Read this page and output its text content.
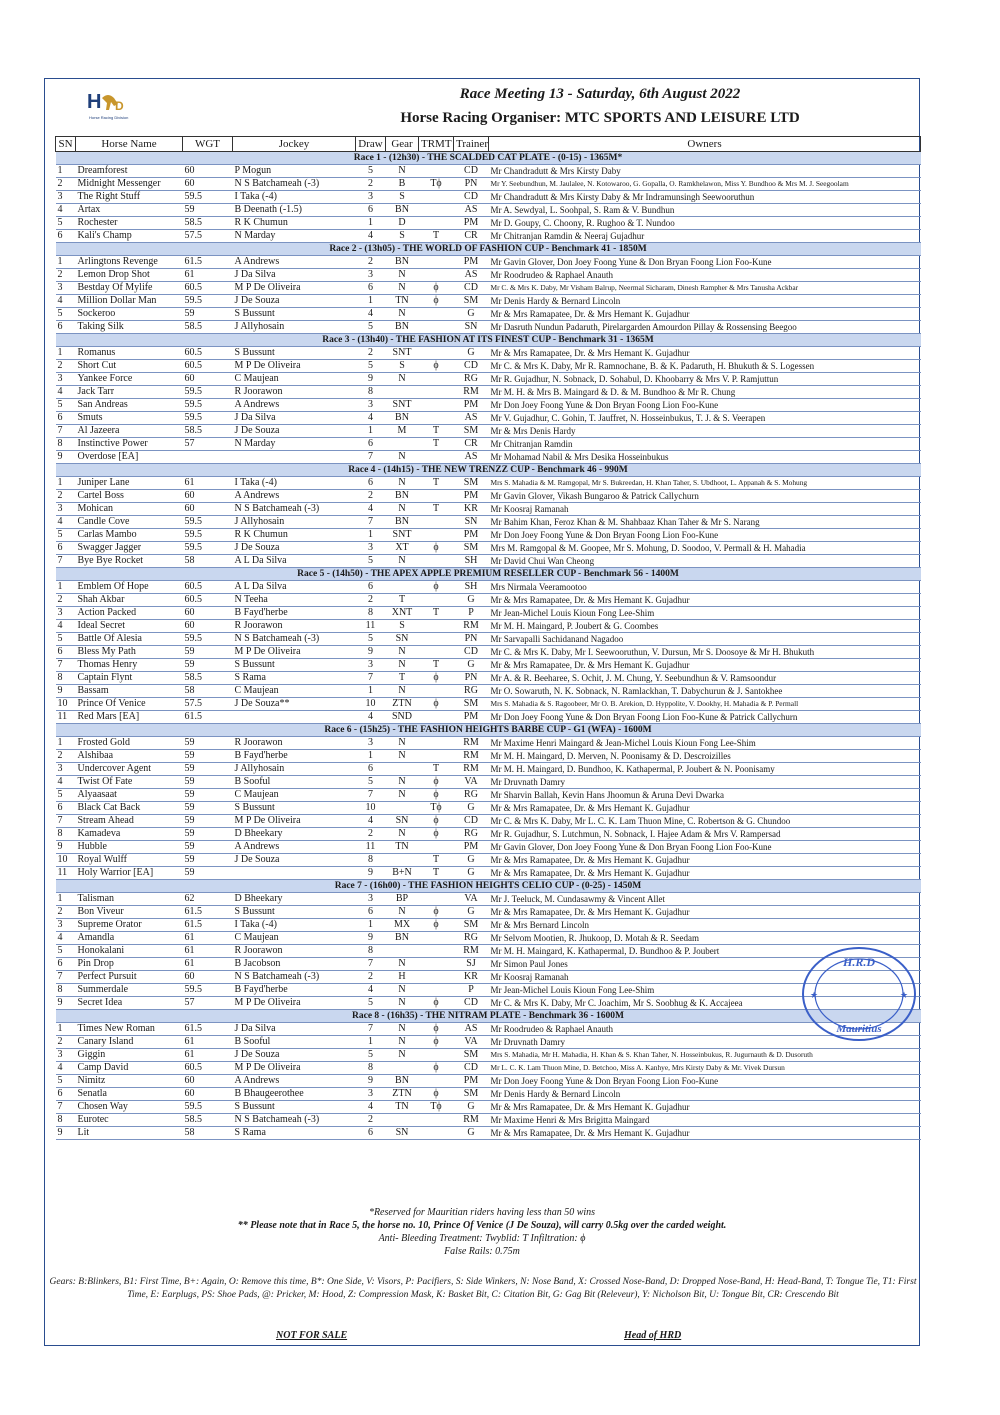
H D
Horse Racing Division
Race Meeting 13 - Saturday, 6th August 2022
Horse Racing Organiser: MTC SPORTS AND LEISURE LTD
SN	Horse Name	WGT	Jockey	Draw	Gear	TRMT	Trainer	Owners
Race 1 - (12h30) - THE SCALDED CAT PLATE - (0-15) - 1365M*								
1	Dreamforest	60	P Mogun	5	N		CD	Mr Chandradutt & Mrs Kirsty Daby
2	Midnight Messenger	60	N S Batchameah (-3)	2	B	Ƭϕ	PN	Mr Y. Seebundhun, M. Jaulalee, N. Kotowaroo, G. Gopalla, O. Ramkhelawon, Miss Y. Bundhoo & Mrs M. J. Seegoolam
3	The Right Stuff	59.5	I Taka (-4)	3	S		CD	Mr Chandradutt & Mrs Kirsty Daby & Mr Indramunsingh Seewooruthun
4	Artax	59	B Deenath (-1.5)	6	BN		AS	Mr A. Sewdyal, L. Soohpal, S. Ram & V. Bundhun
5	Rochester	58.5	R K Chumun	1	D		PM	Mr D. Goupy, C. Choony, R. Rughoo & T. Nundoo
6	Kali's Champ	57.5	N Marday	4	S	Ƭ	CR	Mr Chitranjan Ramdin & Neeraj Gujadhur
Race 2 - (13h05) - THE WORLD OF FASHION CUP - Benchmark 41 - 1850M								
1	Arlingtons Revenge	61.5	A Andrews	2	BN		PM	Mr Gavin Glover, Don Joey Foong Yune & Don Bryan Foong Lion Foo-Kune
2	Lemon Drop Shot	61	J Da Silva	3	N		AS	Mr Roodrudeo & Raphael Anauth
3	Bestday Of Mylife	60.5	M P De Oliveira	6	N	ϕ	CD	Mr C. & Mrs K. Daby, Mr Visham Balrup, Neermal Sicharam, Dinesh Rampher & Mrs Tanusha Ackbar
4	Million Dollar Man	59.5	J De Souza	1	TN	ϕ	SM	Mr Denis Hardy & Bernard Lincoln
5	Sockeroo	59	S Bussunt	4	N		G	Mr & Mrs Ramapatee, Dr. & Mrs Hemant K. Gujadhur
6	Taking Silk	58.5	J Allyhosain	5	BN		SN	Mr Dasruth Nundun Padaruth, Pirelargarden Amourdon Pillay & Rossensing Beegoo
Race 3 - (13h40) - THE FASHION AT ITS FINEST CUP - Benchmark 31 - 1365M								
1	Romanus	60.5	S Bussunt	2	SNT		G	Mr & Mrs Ramapatee, Dr. & Mrs Hemant K. Gujadhur
2	Short Cut	60.5	M P De Oliveira	5	S	ϕ	CD	Mr C. & Mrs K. Daby, Mr R. Ramnochane, B. & K. Padaruth, H. Bhukuth & S. Logessen
3	Yankee Force	60	C Maujean	9	N		RG	Mr R. Gujadhur, N. Sobnack, D. Sohabul, D. Khoobarry & Mrs V. P. Ramjuttun
4	Jack Tarr	59.5	R Joorawon	8			RM	Mr M. H. & Mrs B. Maingard & D. & M. Bundhoo & Mr R. Chung
5	San Andreas	59.5	A Andrews	3	SNT		PM	Mr Don Joey Foong Yune & Don Bryan Foong Lion Foo-Kune
6	Smuts	59.5	J Da Silva	4	BN		AS	Mr V. Gujadhur, C. Gohin, T. Jauffret, N. Hosseinbukus, T. J. & S. Veerapen
7	Al Jazeera	58.5	J De Souza	1	M	Ƭ	SM	Mr & Mrs Denis Hardy
8	Instinctive Power	57	N Marday	6		Ƭ	CR	Mr Chitranjan Ramdin
9	Overdose [EA]			7	N		AS	Mr Mohamad Nabil & Mrs Desika Hosseinbukus
Race 4 - (14h15) - THE NEW TRENZZ CUP - Benchmark 46 - 990M								
1	Juniper Lane	61	I Taka (-4)	6	N	Ƭ	SM	Mrs S. Mahadia & M. Ramgopal, Mr S. Bukreedan, H. Khan Taher, S. Ubdhoot, L. Appanah & S. Mohung
2	Cartel Boss	60	A Andrews	2	BN		PM	Mr Gavin Glover, Vikash Bungaroo & Patrick Callychurn
3	Mohican	60	N S Batchameah (-3)	4	N	Ƭ	KR	Mr Koosraj Ramanah
4	Candle Cove	59.5	J Allyhosain	7	BN		SN	Mr Bahim Khan, Feroz Khan & M. Shahbaaz Khan Taher & Mr S. Narang
5	Carlas Mambo	59.5	R K Chumun	1	SNT		PM	Mr Don Joey Foong Yune & Don Bryan Foong Lion Foo-Kune
6	Swagger Jagger	59.5	J De Souza	3	XT	ϕ	SM	Mrs M. Ramgopal & M. Goopee, Mr S. Mohung, D. Soodoo, V. Permall & H. Mahadia
7	Bye Bye Rocket	58	A L Da Silva	5	N		SH	Mr David Chui Wan Cheong
Race 5 - (14h50) - THE APEX APPLE PREMIUM RESELLER CUP - Benchmark 56 - 1400M								
1	Emblem Of Hope	60.5	A L Da Silva	6		ϕ	SH	Mrs Nirmala Veeramootoo
2	Shah Akbar	60.5	N Teeha	2	T		G	Mr & Mrs Ramapatee, Dr. & Mrs Hemant K. Gujadhur
3	Action Packed	60	B Fayd'herbe	8	XNT	Ƭ	P	Mr Jean-Michel Louis Kioun Fong Lee-Shim
4	Ideal Secret	60	R Joorawon	11	S		RM	Mr M. H. Maingard, P. Joubert & G. Coombes
5	Battle Of Alesia	59.5	N S Batchameah (-3)	5	SN		PN	Mr Sarvapalli Sachidanand Nagadoo
6	Bless My Path	59	M P De Oliveira	9	N		CD	Mr C. & Mrs K. Daby, Mr I. Seewooruthun, V. Dursun, Mr S. Doosoye & Mr H. Bhukuth
7	Thomas Henry	59	S Bussunt	3	N	Ƭ	G	Mr & Mrs Ramapatee, Dr. & Mrs Hemant K. Gujadhur
8	Captain Flynt	58.5	S Rama	7	T	ϕ	PN	Mr A. & R. Beeharee, S. Ochit, J. M. Chung, Y. Seebundhun & V. Ramsoondur
9	Bassam	58	C Maujean	1	N		RG	Mr O. Sowaruth, N. K. Sobnack, N. Ramlackhan, T. Dabychurun & J. Santokhee
10	Prince Of Venice	57.5	J De Souza**	10	ZTN	ϕ	SM	Mrs S. Mahadia & S. Ragoobeer, Mr O. B. Arekion, D. Hyppolite, V. Dookhy, H. Mahadia & P. Permall
11	Red Mars [EA]	61.5		4	SND		PM	Mr Don Joey Foong Yune & Don Bryan Foong Lion Foo-Kune & Patrick Callychurn
Race 6 - (15h25) - THE FASHION HEIGHTS BARBE CUP - G1 (WFA) - 1600M								
1	Frosted Gold	59	R Joorawon	3	N		RM	Mr Maxime Henri Maingard & Jean-Michel Louis Kioun Fong Lee-Shim
2	Alshibaa	59	B Fayd'herbe	1	N		RM	Mr M. H. Maingard, D. Merven, N. Poonisamy & D. Descroizilles
3	Undercover Agent	59	J Allyhosain	6		Ƭ	RM	Mr M. H. Maingard, D. Bundhoo, K. Kathapermal, P. Joubert & N. Poonisamy
4	Twist Of Fate	59	B Sooful	5	N	ϕ	VA	Mr Druvnath Damry
5	Alyaasaat	59	C Maujean	7	N	ϕ	RG	Mr Sharvin Ballah, Kevin Hans Jhoomun & Aruna Devi Dwarka
6	Black Cat Back	59	S Bussunt	10		Ƭϕ	G	Mr & Mrs Ramapatee, Dr. & Mrs Hemant K. Gujadhur
7	Stream Ahead	59	M P De Oliveira	4	SN	ϕ	CD	Mr C. & Mrs K. Daby, Mr L. C. K. Lam Thuon Mine, C. Robertson & G. Chundoo
8	Kamadeva	59	D Bheekary	2	N	ϕ	RG	Mr R. Gujadhur, S. Lutchmun, N. Sobnack, I. Hajee Adam & Mrs V. Rampersad
9	Hubble	59	A Andrews	11	TN		PM	Mr Gavin Glover, Don Joey Foong Yune & Don Bryan Foong Lion Foo-Kune
10	Royal Wulff	59	J De Souza	8		Ƭ	G	Mr & Mrs Ramapatee, Dr. & Mrs Hemant K. Gujadhur
11	Holy Warrior [EA]	59		9	B+N	Ƭ	G	Mr & Mrs Ramapatee, Dr. & Mrs Hemant K. Gujadhur
Race 7 - (16h00) - THE FASHION HEIGHTS CELIO CUP - (0-25) - 1450M								
1	Talisman	62	D Bheekary	3	BP		VA	Mr J. Teeluck, M. Cundasawmy & Vincent Allet
2	Bon Viveur	61.5	S Bussunt	6	N	ϕ	G	Mr & Mrs Ramapatee, Dr. & Mrs Hemant K. Gujadhur
3	Supreme Orator	61.5	I Taka (-4)	1	MX	ϕ	SM	Mr & Mrs Bernard Lincoln
4	Amandla	61	C Maujean	9	BN		RG	Mr Selvom Mootien, R. Jhukoop, D. Motah & R. Seedam
5	Honokalani	61	R Joorawon	8			RM	Mr M. H. Maingard, K. Kathapermal, D. Bundhoo & P. Joubert
6	Pin Drop	61	B Jacobson	7	N		SJ	Mr Simon Paul Jones
7	Perfect Pursuit	60	N S Batchameah (-3)	2	H		KR	Mr Koosraj Ramanah
8	Summerdale	59.5	B Fayd'herbe	4	N		P	Mr Jean-Michel Louis Kioun Fong Lee-Shim
9	Secret Idea	57	M P De Oliveira	5	N	ϕ	CD	Mr C. & Mrs K. Daby, Mr C. Joachim, Mr S. Soobhug & K. Accajeea
Race 8 - (16h35) - THE NITRAM PLATE - Benchmark 36 - 1600M								
1	Times New Roman	61.5	J Da Silva	7	N	ϕ	AS	Mr Roodrudeo & Raphael Anauth
2	Canary Island	61	B Sooful	1	N	ϕ	VA	Mr Druvnath Damry
3	Giggin	61	J De Souza	5	N		SM	Mrs S. Mahadia, Mr H. Mahadia, H. Khan & S. Khan Taher, N. Hosseinbukus, R. Jugurnauth & D. Dusoruth
4	Camp David	60.5	M P De Oliveira	8		ϕ	CD	Mr L. C. K. Lam Thuon Mine, D. Betchoo, Miss A. Kanhye, Mrs Kirsty Daby & Mr. Vivek Dursun
5	Nimitz	60	A Andrews	9	BN		PM	Mr Don Joey Foong Yune & Don Bryan Foong Lion Foo-Kune
6	Senatla	60	B Bhaugeerothee	3	ZTN	ϕ	SM	Mr Denis Hardy & Bernard Lincoln
7	Chosen Way	59.5	S Bussunt	4	TN	Ƭϕ	G	Mr & Mrs Ramapatee, Dr. & Mrs Hemant K. Gujadhur
8	Eurotec	58.5	N S Batchameah (-3)	2			RM	Mr Maxime Henri & Mrs Brigitta Maingard
9	Lit	58	S Rama	6	SN		G	Mr & Mrs Ramapatee, Dr. & Mrs Hemant K. Gujadhur
*Reserved for Mauritian riders having less than 50 wins
** Please note that in Race 5, the horse no. 10, Prince Of Venice (J De Souza), will carry 0.5kg over the carded weight.
Anti- Bleeding Treatment: Twyblid: Ƭ Infiltration: ϕ
False Rails: 0.75m
Gears: B:Blinkers, B1: First Time, B+: Again, O: Remove this time, B*: One Side, V: Visors, P: Pacifiers, S: Side Winkers, N: Nose Band, X: Crossed Nose-Band, D: Dropped Nose-Band, H: Head-Band, T: Tongue Tie, T1: First Time, E: Earplugs, PS: Shoe Pads, @: Pricker, M: Hood, Z: Compression Mask, K: Basket Bit, C: Citation Bit, G: Gag Bit (Releveur), Y: Nicholson Bit, U: Tongue Bit, CR: Crescendo Bit
NOT FOR SALE	Head of HRD
H.R.D
Mauritius
★	★
